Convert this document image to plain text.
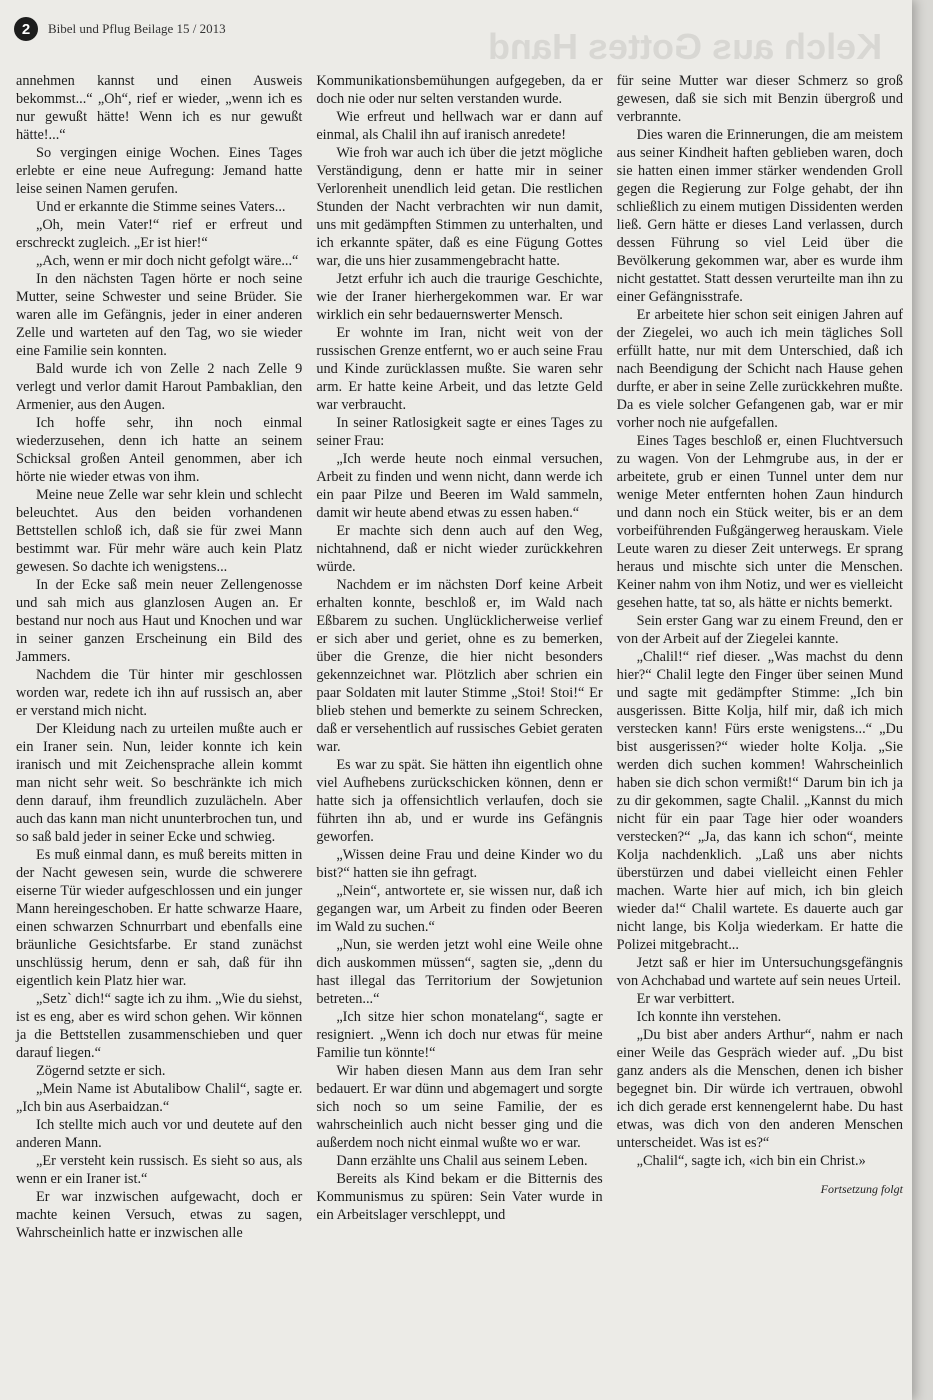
2	Bibel und Pflug Beilage 15 / 2013	Kelch aus Gottes Hand

annehmen kannst und einen Ausweis bekommst...“ „Oh“, rief er wieder, „wenn ich es nur gewußt hätte! Wenn ich es nur gewußt hätte!...“

So vergingen einige Wochen. Eines Tages erlebte er eine neue Aufregung: Jemand hatte leise seinen Namen gerufen.

Und er erkannte die Stimme seines Vaters...

„Oh, mein Vater!“ rief er erfreut und erschreckt zugleich. „Er ist hier!“

„Ach, wenn er mir doch nicht gefolgt wäre...“

In den nächsten Tagen hörte er noch seine Mutter, seine Schwester und seine Brüder. Sie waren alle im Gefängnis, jeder in einer anderen Zelle und warteten auf den Tag, wo sie wieder eine Familie sein konnten.

Bald wurde ich von Zelle 2 nach Zelle 9 verlegt und verlor damit Harout Pambaklian, den Armenier, aus den Augen.

Ich hoffe sehr, ihn noch einmal wiederzusehen, denn ich hatte an seinem Schicksal großen Anteil genommen, aber ich hörte nie wieder etwas von ihm.

Meine neue Zelle war sehr klein und schlecht beleuchtet. Aus den beiden vorhandenen Bettstellen schloß ich, daß sie für zwei Mann bestimmt war. Für mehr wäre auch kein Platz gewesen. So dachte ich wenigstens...

In der Ecke saß mein neuer Zellengenosse und sah mich aus glanzlosen Augen an. Er bestand nur noch aus Haut und Knochen und war in seiner ganzen Erscheinung ein Bild des Jammers.

Nachdem die Tür hinter mir geschlossen worden war, redete ich ihn auf russisch an, aber er verstand mich nicht.

Der Kleidung nach zu urteilen mußte auch er ein Iraner sein. Nun, leider konnte ich kein iranisch und mit Zeichensprache allein kommt man nicht sehr weit. So beschränkte ich mich denn darauf, ihm freundlich zuzulächeln. Aber auch das kann man nicht ununterbrochen tun, und so saß bald jeder in seiner Ecke und schwieg.

Es muß einmal dann, es muß bereits mitten in der Nacht gewesen sein, wurde die schwerere eiserne Tür wieder aufgeschlossen und ein junger Mann hereingeschoben. Er hatte schwarze Haare, einen schwarzen Schnurrbart und ebenfalls eine bräunliche Gesichtsfarbe. Er stand zunächst unschlüssig herum, denn er sah, daß für ihn eigentlich kein Platz hier war.

„Setz` dich!“ sagte ich zu ihm. „Wie du siehst, ist es eng, aber es wird schon gehen. Wir können ja die Bettstellen zusammenschieben und quer darauf liegen.“

Zögernd setzte er sich.

„Mein Name ist Abutalibow Chalil“, sagte er. „Ich bin aus Aserbaidzan.“

Ich stellte mich auch vor und deutete auf den anderen Mann.

„Er versteht kein russisch. Es sieht so aus, als wenn er ein Iraner ist.“

Er war inzwischen aufgewacht, doch er machte keinen Versuch, etwas zu sagen, Wahrscheinlich hatte er inzwischen alle

Kommunikationsbemühungen aufgegeben, da er doch nie oder nur selten verstanden wurde.

Wie erfreut und hellwach war er dann auf einmal, als Chalil ihn auf iranisch anredete!

Wie froh war auch ich über die jetzt mögliche Verständigung, denn er hatte mir in seiner Verlorenheit unendlich leid getan. Die restlichen Stunden der Nacht verbrachten wir nun damit, uns mit gedämpften Stimmen zu unterhalten, und ich erkannte später, daß es eine Fügung Gottes war, die uns hier zusammengebracht hatte.

Jetzt erfuhr ich auch die traurige Geschichte, wie der Iraner hierhergekommen war. Er war wirklich ein sehr bedauernswerter Mensch.

Er wohnte im Iran, nicht weit von der russischen Grenze entfernt, wo er auch seine Frau und Kinde zurücklassen mußte. Sie waren sehr arm. Er hatte keine Arbeit, und das letzte Geld war verbraucht.

In seiner Ratlosigkeit sagte er eines Tages zu seiner Frau:

„Ich werde heute noch einmal versuchen, Arbeit zu finden und wenn nicht, dann werde ich ein paar Pilze und Beeren im Wald sammeln, damit wir heute abend etwas zu essen haben.“

Er machte sich denn auch auf den Weg, nichtahnend, daß er nicht wieder zurückkehren würde.

Nachdem er im nächsten Dorf keine Arbeit erhalten konnte, beschloß er, im Wald nach Eßbarem zu suchen. Unglücklicherweise verlief er sich aber und geriet, ohne es zu bemerken, über die Grenze, die hier nicht besonders gekennzeichnet war. Plötzlich aber schrien ein paar Soldaten mit lauter Stimme „Stoi! Stoi!“ Er blieb stehen und bemerkte zu seinem Schrecken, daß er versehentlich auf russisches Gebiet geraten war.

Es war zu spät. Sie hätten ihn eigentlich ohne viel Aufhebens zurückschicken können, denn er hatte sich ja offensichtlich verlaufen, doch sie führten ihn ab, und er wurde ins Gefängnis geworfen.

„Wissen deine Frau und deine Kinder wo du bist?“ hatten sie ihn gefragt.

„Nein“, antwortete er, sie wissen nur, daß ich gegangen war, um Arbeit zu finden oder Beeren im Wald zu suchen.“

„Nun, sie werden jetzt wohl eine Weile ohne dich auskommen müssen“, sagten sie, „denn du hast illegal das Territorium der Sowjetunion betreten...“

„Ich sitze hier schon monatelang“, sagte er resigniert. „Wenn ich doch nur etwas für meine Familie tun könnte!“

Wir haben diesen Mann aus dem Iran sehr bedauert. Er war dünn und abgemagert und sorgte sich noch so um seine Familie, der es wahrscheinlich auch nicht besser ging und die außerdem noch nicht einmal wußte wo er war.

Dann erzählte uns Chalil aus seinem Leben.

Bereits als Kind bekam er die Bitternis des Kommunismus zu spüren: Sein Vater wurde in ein Arbeitslager verschleppt, und

für seine Mutter war dieser Schmerz so groß gewesen, daß sie sich mit Benzin übergroß und verbrannte.

Dies waren die Erinnerungen, die am meistem aus seiner Kindheit haften geblieben waren, doch sie hatten einen immer stärker wendenden Groll gegen die Regierung zur Folge gehabt, der ihn schließlich zu einem mutigen Dissidenten werden ließ. Gern hätte er dieses Land verlassen, durch dessen Führung so viel Leid über die Bevölkerung gekommen war, aber es wurde ihm nicht gestattet. Statt dessen verurteilte man ihn zu einer Gefängnisstrafe.

Er arbeitete hier schon seit einigen Jahren auf der Ziegelei, wo auch ich mein tägliches Soll erfüllt hatte, nur mit dem Unterschied, daß ich nach Beendigung der Schicht nach Hause gehen durfte, er aber in seine Zelle zurückkehren mußte. Da es viele solcher Gefangenen gab, war er mir vorher noch nie aufgefallen.

Eines Tages beschloß er, einen Fluchtversuch zu wagen. Von der Lehmgrube aus, in der er arbeitete, grub er einen Tunnel unter dem nur wenige Meter entfernten hohen Zaun hindurch und dann noch ein Stück weiter, bis er an dem vorbeiführenden Fußgängerweg herauskam. Viele Leute waren zu dieser Zeit unterwegs. Er sprang heraus und mischte sich unter die Menschen. Keiner nahm von ihm Notiz, und wer es vielleicht gesehen hatte, tat so, als hätte er nichts bemerkt.

Sein erster Gang war zu einem Freund, den er von der Arbeit auf der Ziegelei kannte.

„Chalil!“ rief dieser. „Was machst du denn hier?“ Chalil legte den Finger über seinen Mund und sagte mit gedämpfter Stimme: „Ich bin ausgerissen. Bitte Kolja, hilf mir, daß ich mich verstecken kann! Fürs erste wenigstens...“ „Du bist ausgerissen?“ wieder holte Kolja. „Sie werden dich suchen kommen! Wahrscheinlich haben sie dich schon vermißt!“ Darum bin ich ja zu dir gekommen, sagte Chalil. „Kannst du mich nicht für ein paar Tage hier oder woanders verstecken?“ „Ja, das kann ich schon“, meinte Kolja nachdenklich. „Laß uns aber nichts überstürzen und dabei vielleicht einen Fehler machen. Warte hier auf mich, ich bin gleich wieder da!“ Chalil wartete. Es dauerte auch gar nicht lange, bis Kolja wiederkam. Er hatte die Polizei mitgebracht...

Jetzt saß er hier im Untersuchungsgefängnis von Achchabad und wartete auf sein neues Urteil.

Er war verbittert.

Ich konnte ihn verstehen.

„Du bist aber anders Arthur“, nahm er nach einer Weile das Gespräch wieder auf. „Du bist ganz anders als die Menschen, denen ich bisher begegnet bin. Dir würde ich vertrauen, obwohl ich dich gerade erst kennengelernt habe. Du hast etwas, was dich von den anderen Menschen unterscheidet. Was ist es?“

„Chalil“, sagte ich, «ich bin ein Christ.»

Fortsetzung folgt
